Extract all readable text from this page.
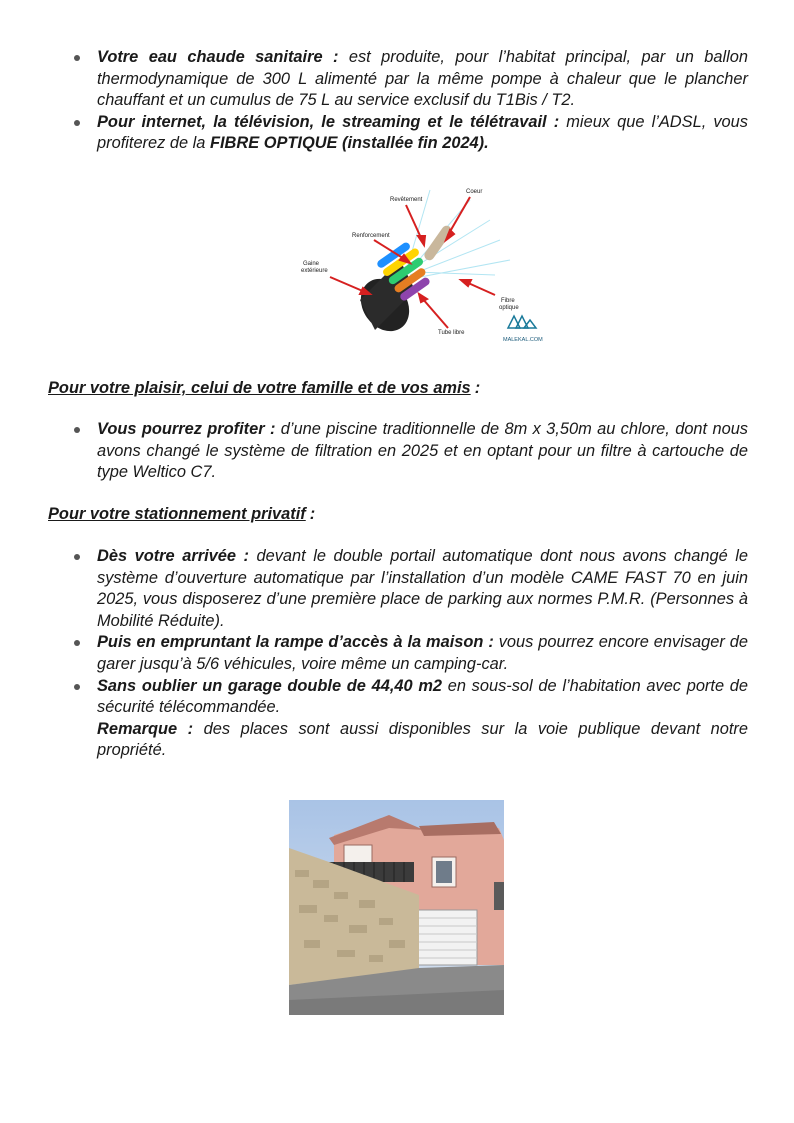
Votre eau chaude sanitaire : est produite, pour l’habitat principal, par un ballon thermodynamique de 300 L alimenté par la même pompe à chaleur que le plancher chauffant et un cumulus de 75 L au service exclusif du T1Bis / T2.
Pour internet, la télévision, le streaming et le télétravail : mieux que l’ADSL, vous profiterez de la FIBRE OPTIQUE (installée fin 2024).
Coeur
Revêtement
Renforcement
Gaine
extérieure
Fibre
optique
Tube libre
MALEKAL.COM
Pour votre plaisir, celui de votre famille et de vos amis :
Vous pourrez profiter : d’une piscine traditionnelle de 8m x 3,50m au chlore, dont nous avons changé le système de filtration en 2025 et en optant pour un filtre à cartouche de type Weltico C7.
Pour votre stationnement privatif :
Dès votre arrivée : devant le double portail automatique dont nous avons changé le système d’ouverture automatique par l’installation d’un modèle CAME FAST 70 en juin 2025, vous disposerez d’une première place de parking aux normes P.M.R. (Personnes à Mobilité Réduite).
Puis en empruntant la rampe d’accès à la maison : vous pourrez encore envisager de garer jusqu’à 5/6 véhicules, voire même un camping-car.
Sans oublier un garage double de 44,40 m2 en sous-sol de l’habitation avec porte de sécurité télécommandée.
Remarque : des places sont aussi disponibles sur la voie publique devant notre propriété.
